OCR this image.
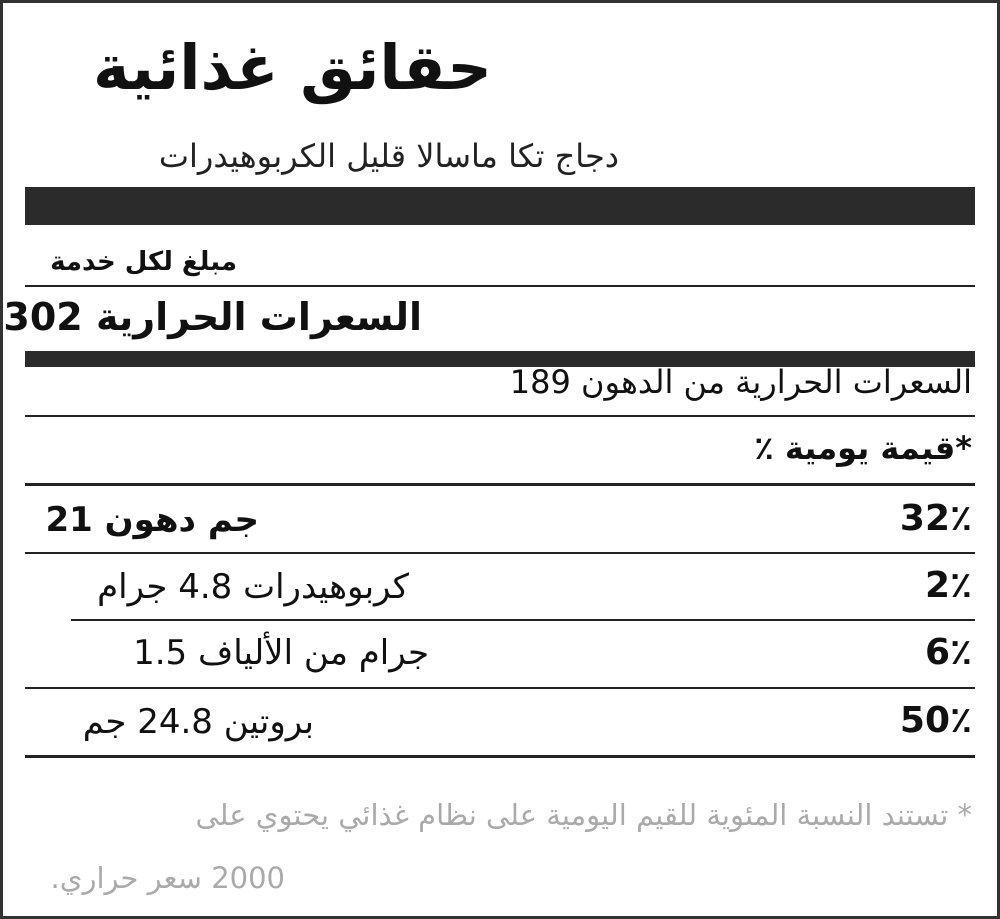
حقائق غذائية
دجاج تكا ماسالا قليل الكربوهيدرات
مبلغ لكل خدمة
السعرات الحرارية 302
السعرات الحرارية من الدهون 189
*قيمة يومية ٪
جم دهون 21	32٪
كربوهيدرات 4.8 جرام	2٪
جرام من الألياف 1.5	6٪
بروتين 24.8 جم	50٪
* تستند النسبة المئوية للقيم اليومية على نظام غذائي يحتوي على
2000 سعر حراري.
